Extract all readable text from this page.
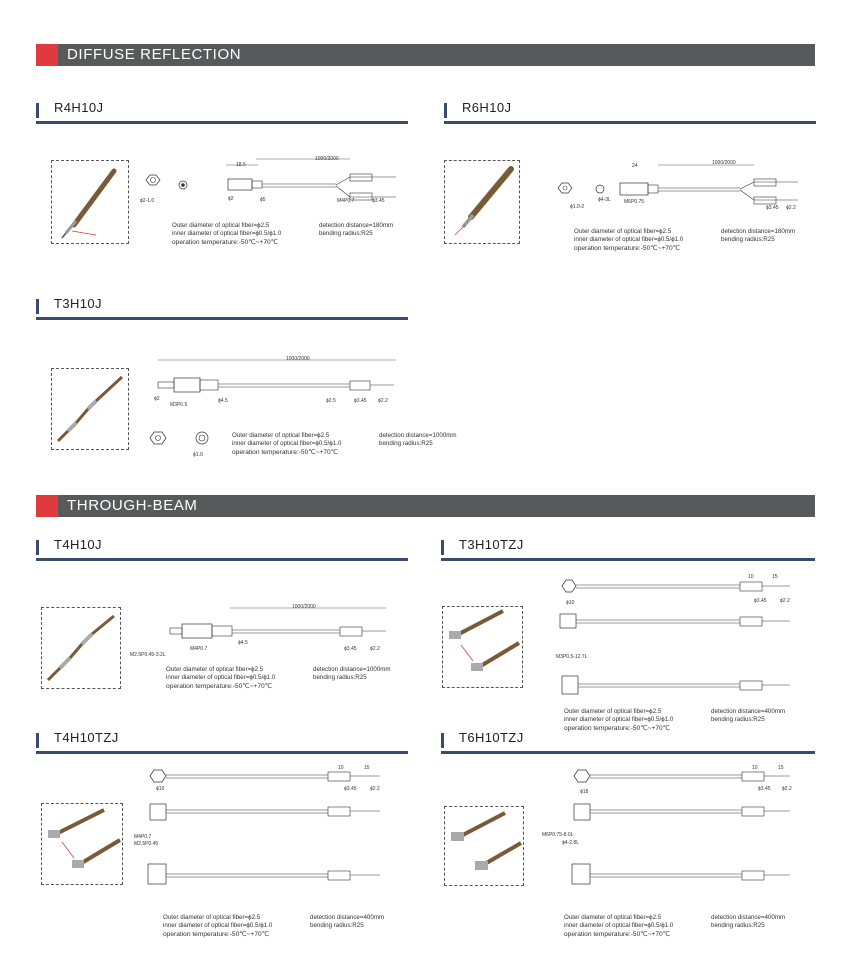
DIFFUSE REFLECTION
THROUGH-BEAM
R4H10J	R6H10J
T3H10J
T4H10J	T3H10TZJ
T4H10TZJ	T6H10TZJ
1000/2000
18.5
ϕ2-1.0	ϕ2	ϕ5	M4P0.7	ϕ3.45
1000/2000
24
ϕ1.0-2
ϕ4-3L	M6P0.75
ϕ3.45 ϕ2.2
1000/2000
ϕ2
M3P0.5
ϕ4.5	ϕ2.5	ϕ3.45 ϕ2.2
ϕ1.0
1000/2000
M2.5P0.45-3.2L
M4P0.7
ϕ4.5
ϕ3.45	ϕ2.2
ϕ10
M3P0.5-12.7L
10	15
ϕ3.45	ϕ2.2
ϕ10
M4P0.7
M2.5P0.45
10	15
ϕ3.45	ϕ2.2	ϕ18
M6P0.75-8.0L
ϕ4-2.8L
10	15
ϕ3.45 ϕ2.2
Outer diameter of optical fiber=ϕ2.5
inner diameter of optical fiber=ϕ0.5/ϕ1.0
operation temperature:-50℃~+70℃
detection distance=180mm
bending radius:R25	Outer diameter of optical fiber=ϕ2.5
inner diameter of optical fiber=ϕ0.5/ϕ1.0
operation temperature:-50℃~+70℃
detection distance=180mm
bending radius:R25
Outer diameter of optical fiber=ϕ2.5
inner diameter of optical fiber=ϕ0.5/ϕ1.0
operation temperature:-50℃~+70℃
detection distance=1000mm
bending radius:R25
Outer diameter of optical fiber=ϕ2.5
inner diameter of optical fiber=ϕ0.5/ϕ1.0
operation temperature:-50℃~+70℃
detection distance=1000mm
bending radius:R25
Outer diameter of optical fiber=ϕ2.5
inner diameter of optical fiber=ϕ0.5/ϕ1.0
operation temperature:-50℃~+70℃
detection distance=400mm
bending radius:R25
Outer diameter of optical fiber=ϕ2.5
inner diameter of optical fiber=ϕ0.5/ϕ1.0
operation temperature:-50℃~+70℃
detection distance=400mm
bending radius:R25
Outer diameter of optical fiber=ϕ2.5
inner diameter of optical fiber=ϕ0.5/ϕ1.0
operation temperature:-50℃~+70℃
detection distance=400mm
bending radius:R25
